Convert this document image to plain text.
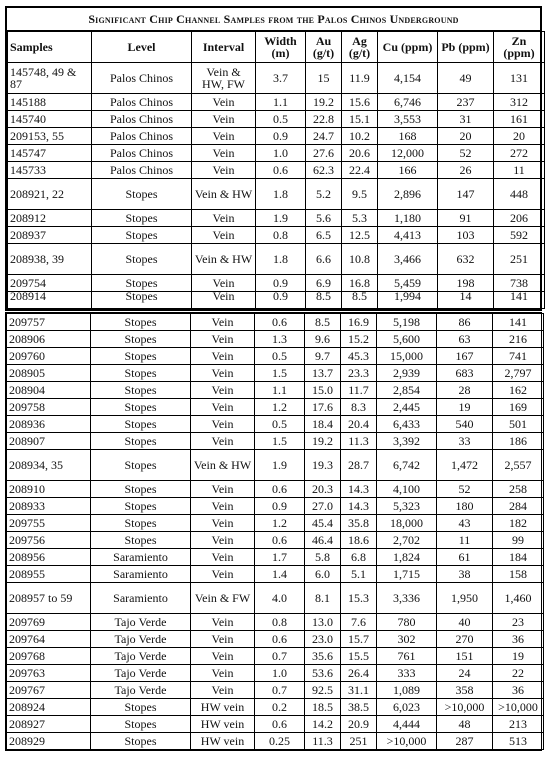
Significant Chip Channel Samples from the Palos Chinos Underground
Samples	Level	Interval	Width (m)	Au (g/t)	Ag (g/t)	Cu (ppm)	Pb (ppm)	Zn (ppm)
145748, 49 & 87	Palos Chinos	Vein & HW, FW	3.7	15	11.9	4,154	49	131
145188	Palos Chinos	Vein	1.1	19.2	15.6	6,746	237	312
145740	Palos Chinos	Vein	0.5	22.8	15.1	3,553	31	161
209153, 55	Palos Chinos	Vein	0.9	24.7	10.2	168	20	20
145747	Palos Chinos	Vein	1.0	27.6	20.6	12,000	52	272
145733	Palos Chinos	Vein	0.6	62.3	22.4	166	26	11
208921, 22	Stopes	Vein & HW	1.8	5.2	9.5	2,896	147	448
208912	Stopes	Vein	1.9	5.6	5.3	1,180	91	206
208937	Stopes	Vein	0.8	6.5	12.5	4,413	103	592
208938, 39	Stopes	Vein & HW	1.8	6.6	10.8	3,466	632	251
209754	Stopes	Vein	0.9	6.9	16.8	5,459	198	738
208914	Stopes	Vein	0.9	8.5	8.5	1,994	14	141
209757	Stopes	Vein	0.6	8.5	16.9	5,198	86	141
208906	Stopes	Vein	1.3	9.6	15.2	5,600	63	216
209760	Stopes	Vein	0.5	9.7	45.3	15,000	167	741
208905	Stopes	Vein	1.5	13.7	23.3	2,939	683	2,797
208904	Stopes	Vein	1.1	15.0	11.7	2,854	28	162
209758	Stopes	Vein	1.2	17.6	8.3	2,445	19	169
208936	Stopes	Vein	0.5	18.4	20.4	6,433	540	501
208907	Stopes	Vein	1.5	19.2	11.3	3,392	33	186
208934, 35	Stopes	Vein & HW	1.9	19.3	28.7	6,742	1,472	2,557
208910	Stopes	Vein	0.6	20.3	14.3	4,100	52	258
208933	Stopes	Vein	0.9	27.0	14.3	5,323	180	284
209755	Stopes	Vein	1.2	45.4	35.8	18,000	43	182
209756	Stopes	Vein	0.6	46.4	18.6	2,702	11	99
208956	Saramiento	Vein	1.7	5.8	6.8	1,824	61	184
208955	Saramiento	Vein	1.4	6.0	5.1	1,715	38	158
208957 to 59	Saramiento	Vein & FW	4.0	8.1	15.3	3,336	1,950	1,460
209769	Tajo Verde	Vein	0.8	13.0	7.6	780	40	23
209764	Tajo Verde	Vein	0.6	23.0	15.7	302	270	36
209768	Tajo Verde	Vein	0.7	35.6	15.5	761	151	19
209763	Tajo Verde	Vein	1.0	53.6	26.4	333	24	22
209767	Tajo Verde	Vein	0.7	92.5	31.1	1,089	358	36
208924	Stopes	HW vein	0.2	18.5	38.5	6,023	>10,000	>10,000
208927	Stopes	HW vein	0.6	14.2	20.9	4,444	48	213
208929	Stopes	HW vein	0.25	11.3	251	>10,000	287	513
